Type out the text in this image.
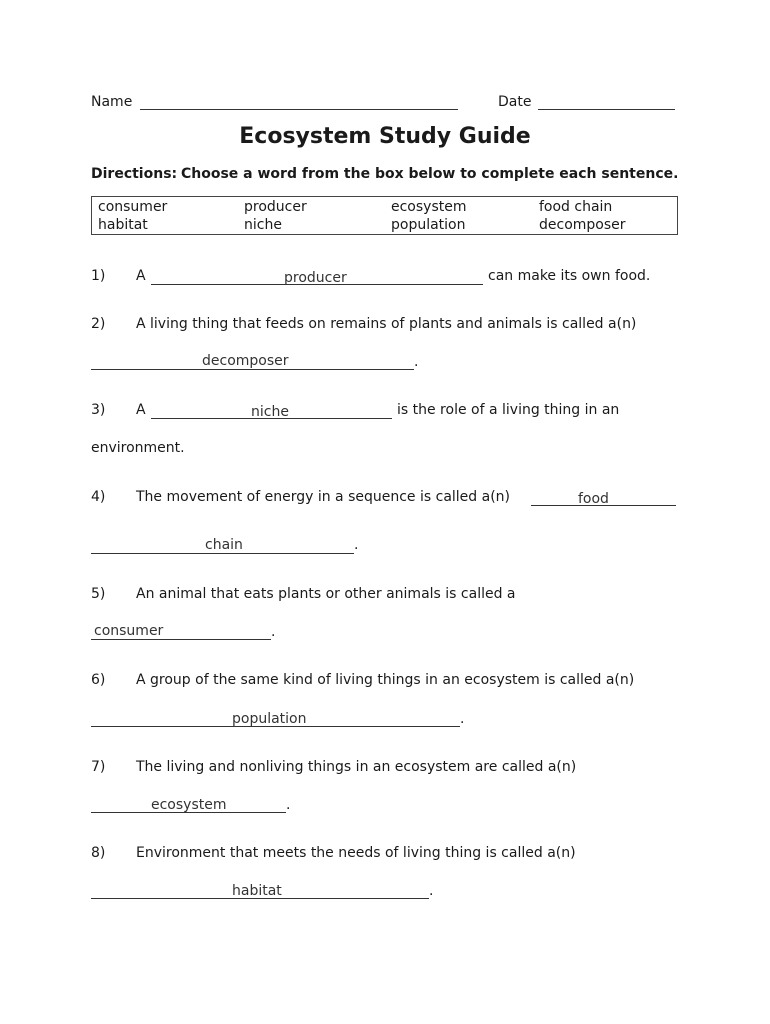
Name	Date
Ecosystem Study Guide
Directions: Choose a word from the box below to complete each sentence.
consumer	producer	ecosystem	food chain
habitat	niche	population	decomposer
1) A	producer	can make its own food.
2) A living thing that feeds on remains of plants and animals is called a(n)
decomposer	.
3) A	niche	is the role of a living thing in an
environment.
4) The movement of energy in a sequence is called a(n)	food
chain	.
5) An animal that eats plants or other animals is called a
consumer	.
6) A group of the same kind of living things in an ecosystem is called a(n)
population	.
7) The living and nonliving things in an ecosystem are called a(n)
ecosystem	.
8) Environment that meets the needs of living thing is called a(n)
habitat	.
